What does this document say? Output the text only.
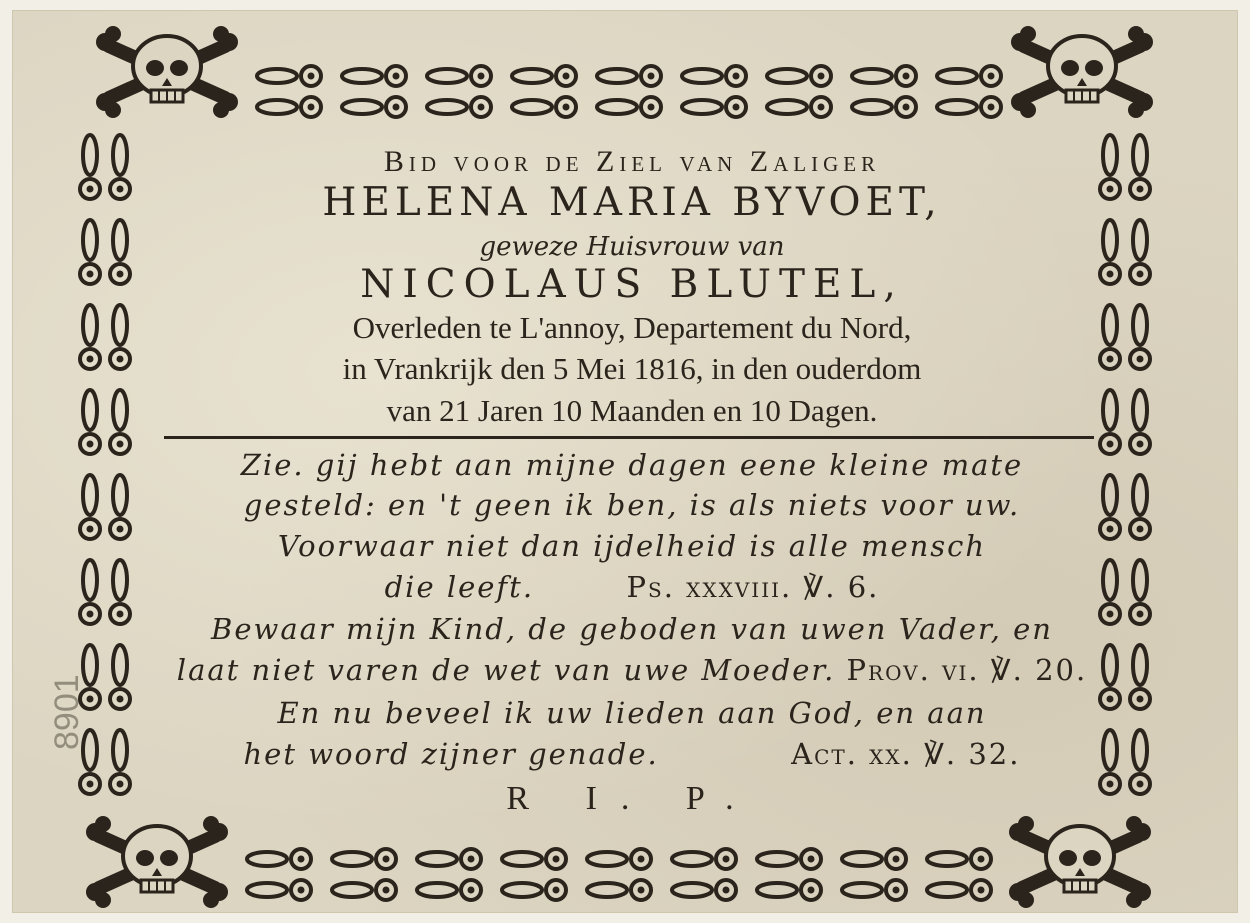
Bid voor de Ziel van Zaliger
HELENA MARIA BYVOET,
geweze Huisvrouw van
NICOLAUS BLUTEL,
Overleden te L'annoy, Departement du Nord,
in Vrankrijk den 5 Mei 1816, in den ouderdom
van 21 Jaren 10 Maanden en 10 Dagen.
Zie. gij hebt aan mijne dagen eene kleine mate
gesteld: en 't geen ik ben, is als niets voor uw.
Voorwaar niet dan ijdelheid is alle mensch
die leeft.	Ps. xxxviii. ℣. 6.
Bewaar mijn Kind, de geboden van uwen Vader, en
laat niet varen de wet van uwe Moeder. Prov. vi. ℣. 20.
En nu beveel ik uw lieden aan God, en aan
het woord zijner genade.	Act. xx. ℣. 32.
R I. P.
8901
